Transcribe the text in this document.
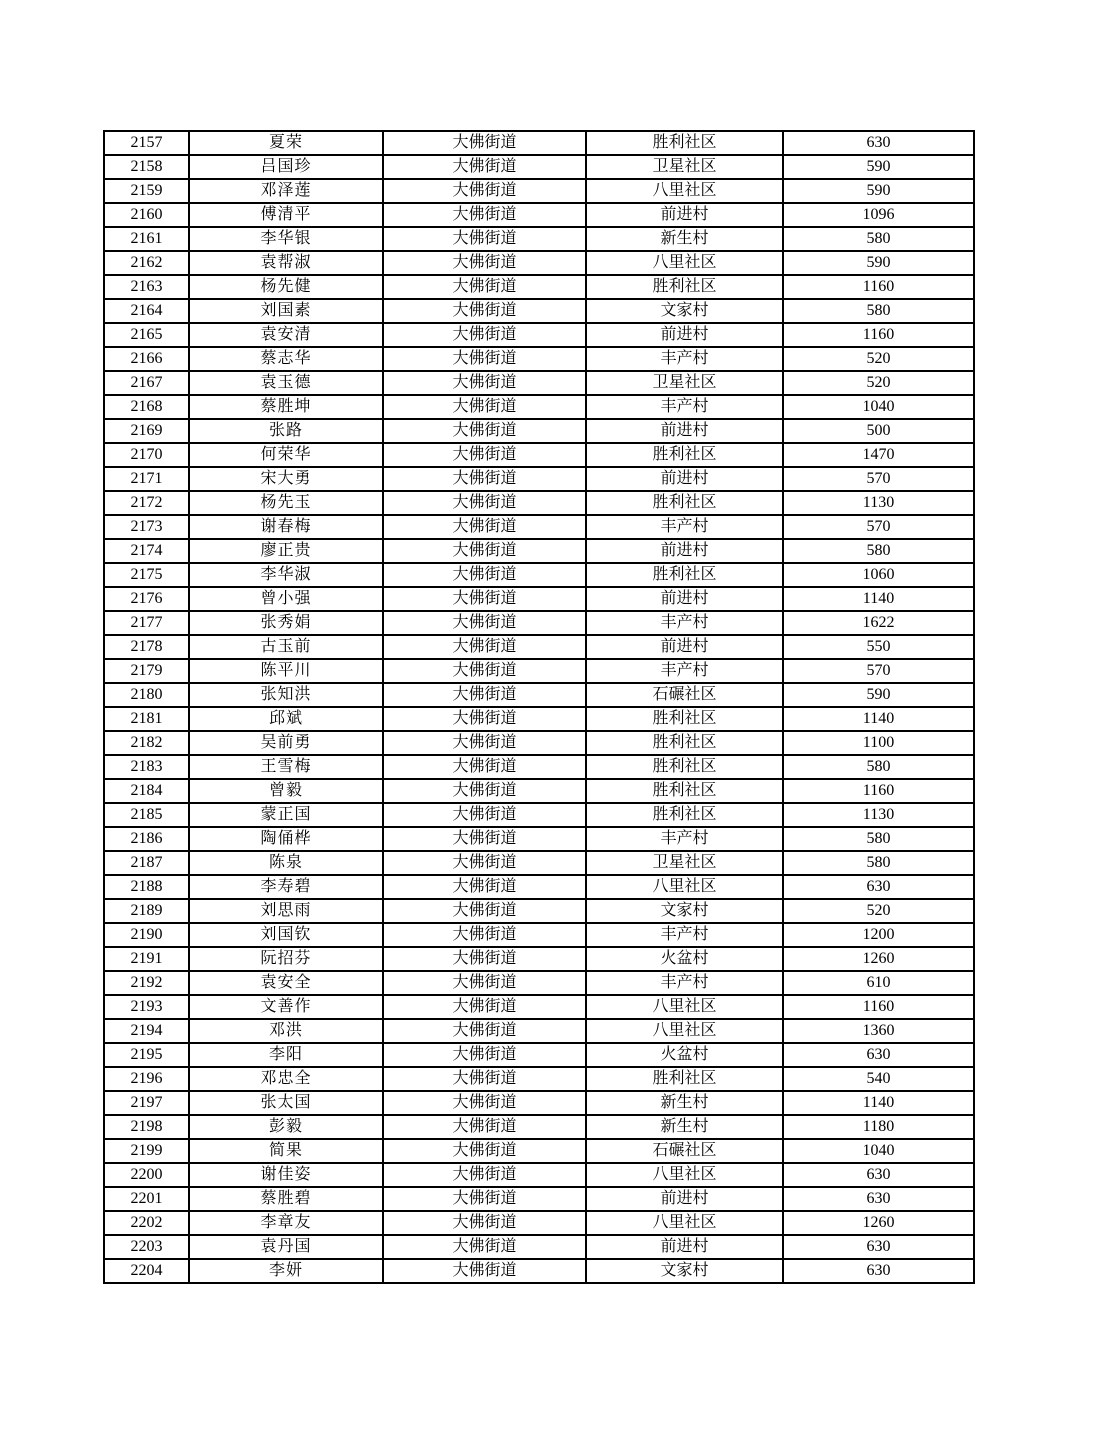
2157	夏荣	大佛街道	胜利社区	630
2158	吕国珍	大佛街道	卫星社区	590
2159	邓泽莲	大佛街道	八里社区	590
2160	傅清平	大佛街道	前进村	1096
2161	李华银	大佛街道	新生村	580
2162	袁帮淑	大佛街道	八里社区	590
2163	杨先健	大佛街道	胜利社区	1160
2164	刘国素	大佛街道	文家村	580
2165	袁安清	大佛街道	前进村	1160
2166	蔡志华	大佛街道	丰产村	520
2167	袁玉德	大佛街道	卫星社区	520
2168	蔡胜坤	大佛街道	丰产村	1040
2169	张路	大佛街道	前进村	500
2170	何荣华	大佛街道	胜利社区	1470
2171	宋大勇	大佛街道	前进村	570
2172	杨先玉	大佛街道	胜利社区	1130
2173	谢春梅	大佛街道	丰产村	570
2174	廖正贵	大佛街道	前进村	580
2175	李华淑	大佛街道	胜利社区	1060
2176	曾小强	大佛街道	前进村	1140
2177	张秀娟	大佛街道	丰产村	1622
2178	古玉前	大佛街道	前进村	550
2179	陈平川	大佛街道	丰产村	570
2180	张知洪	大佛街道	石碾社区	590
2181	邱斌	大佛街道	胜利社区	1140
2182	吴前勇	大佛街道	胜利社区	1100
2183	王雪梅	大佛街道	胜利社区	580
2184	曾毅	大佛街道	胜利社区	1160
2185	蒙正国	大佛街道	胜利社区	1130
2186	陶俑桦	大佛街道	丰产村	580
2187	陈泉	大佛街道	卫星社区	580
2188	李寿碧	大佛街道	八里社区	630
2189	刘思雨	大佛街道	文家村	520
2190	刘国钦	大佛街道	丰产村	1200
2191	阮招芬	大佛街道	火盆村	1260
2192	袁安全	大佛街道	丰产村	610
2193	文善作	大佛街道	八里社区	1160
2194	邓洪	大佛街道	八里社区	1360
2195	李阳	大佛街道	火盆村	630
2196	邓忠全	大佛街道	胜利社区	540
2197	张太国	大佛街道	新生村	1140
2198	彭毅	大佛街道	新生村	1180
2199	简果	大佛街道	石碾社区	1040
2200	谢佳姿	大佛街道	八里社区	630
2201	蔡胜碧	大佛街道	前进村	630
2202	李章友	大佛街道	八里社区	1260
2203	袁丹国	大佛街道	前进村	630
2204	李妍	大佛街道	文家村	630
